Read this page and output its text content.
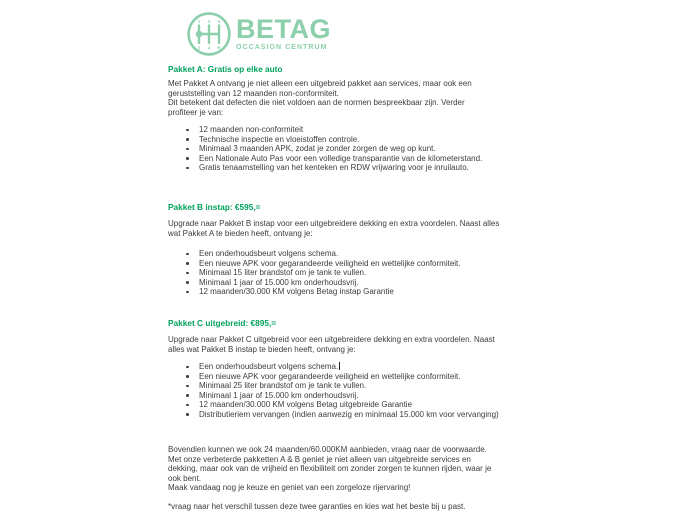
1 3 5
2 4 R
BETAG
OCCASION CENTRUM
Pakket A: Gratis op elke auto
Met Pakket A ontvang je niet alleen een uitgebreid pakket aan services, maar ook een
geruststelling van 12 maanden non-conformiteit.
Dit betekent dat defecten die niet voldoen aan de normen bespreekbaar zijn. Verder
profiteer je van:
12 maanden non-conformiteit
Technische inspectie en vloeistoffen controle.
Minimaal 3 maanden APK, zodat je zonder zorgen de weg op kunt.
Een Nationale Auto Pas voor een volledige transparantie van de kilometerstand.
Gratis tenaamstelling van het kenteken en RDW vrijwaring voor je inruilauto.
Pakket B instap: €595,=
Upgrade naar Pakket B instap voor een uitgebreidere dekking en extra voordelen. Naast alles
wat Pakket A te bieden heeft, ontvang je:
Een onderhoudsbeurt volgens schema.
Een nieuwe APK voor gegarandeerde veiligheid en wettelijke conformiteit.
Minimaal 15 liter brandstof om je tank te vullen.
Minimaal 1 jaar of 15.000 km onderhoudsvrij.
12 maanden/30.000 KM volgens Betag instap Garantie
Pakket C uitgebreid: €895,=
Upgrade naar Pakket C uitgebreid voor een uitgebreidere dekking en extra voordelen. Naast
alles wat Pakket B instap te bieden heeft, ontvang je:
Een onderhoudsbeurt volgens schema.
Een nieuwe APK voor gegarandeerde veiligheid en wettelijke conformiteit.
Minimaal 25 liter brandstof om je tank te vullen.
Minimaal 1 jaar of 15.000 km onderhoudsvrij.
12 maanden/30.000 KM volgens Betag uitgebreide Garantie
Distributieriem vervangen (indien aanwezig en minimaal 15.000 km voor vervanging)
Bovendien kunnen we ook 24 maanden/60.000KM aanbieden, vraag naar de voorwaarde.
Met onze verbeterde pakketten A & B geniet je niet alleen van uitgebreide services en
dekking, maar ook van de vrijheid en flexibiliteit om zonder zorgen te kunnen rijden, waar je
ook bent.
Maak vandaag nog je keuze en geniet van een zorgeloze rijervaring!
*vraag naar het verschil tussen deze twee garanties en kies wat het beste bij u past.
